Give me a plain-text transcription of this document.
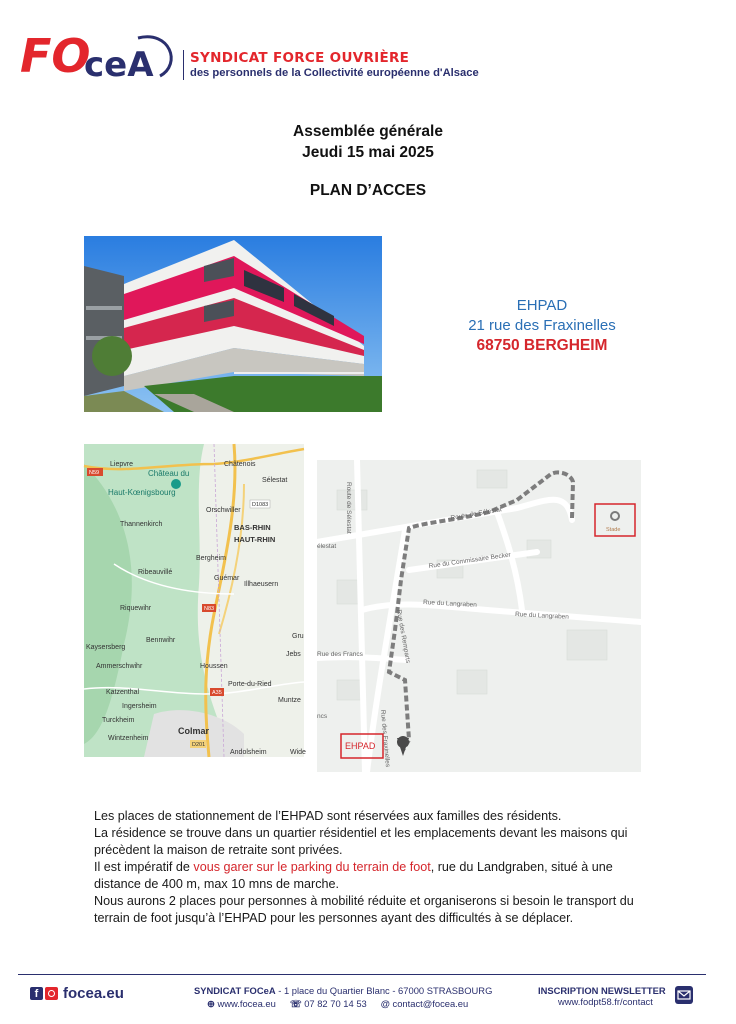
FO
ceA	SYNDICAT FORCE OUVRIÈRE
des personnels de la Collectivité européenne d'Alsace
Assemblée générale
Jeudi 15 mai 2025
PLAN D’ACCES
EHPAD
21 rue des Fraxinelles
68750 BERGHEIM
Liepvre	Châtenois
Sélestat
Château du
Haut-Kœnigsbourg
Orschwiller
Thannenkirch	BAS-RHIN
HAUT-RHIN
Bergheim
Ribeauvillé
Guémar
Illhaeusern
Riquewihr
Bennwihr
Gru
Kaysersberg
Ammerschwihr	Houssen
Jebs
Porte-du-Ried
Katzenthal
Muntze
Ingersheim
Turckheim
Wintzenheim
Colmar
Andolsheim	Wide
N59
D1083
N83
A35
D201
Stade
EHPAD
Route de Sélestat	Route de Sélestat
élestat
Rue du Commissaire Becker
Rue du Langraben
Rue du Langraben
Rue des Francs	Rue des Remparts
ncs	Rue des Fraxinelles
Les places de stationnement de l’EHPAD sont réservées aux familles des résidents.
La résidence se trouve dans un quartier résidentiel et les emplacements devant les maisons qui précèdent la maison de retraite sont privées.
Il est impératif de vous garer sur le parking du terrain de foot, rue du Landgraben, situé à une distance de 400 m, max 10 mns de marche.
Nous aurons 2 places pour personnes à mobilité réduite et organiserons si besoin le transport du terrain de foot jusqu’à l’EHPAD pour les personnes ayant des difficultés à se déplacer.
f	focea.eu	SYNDICAT FOCeA - 1 place du Quartier Blanc - 67000 STRASBOURG
⊕ www.focea.eu ☏ 07 82 70 14 53 @ contact@focea.eu
INSCRIPTION NEWSLETTER
www.fodpt58.fr/contact
